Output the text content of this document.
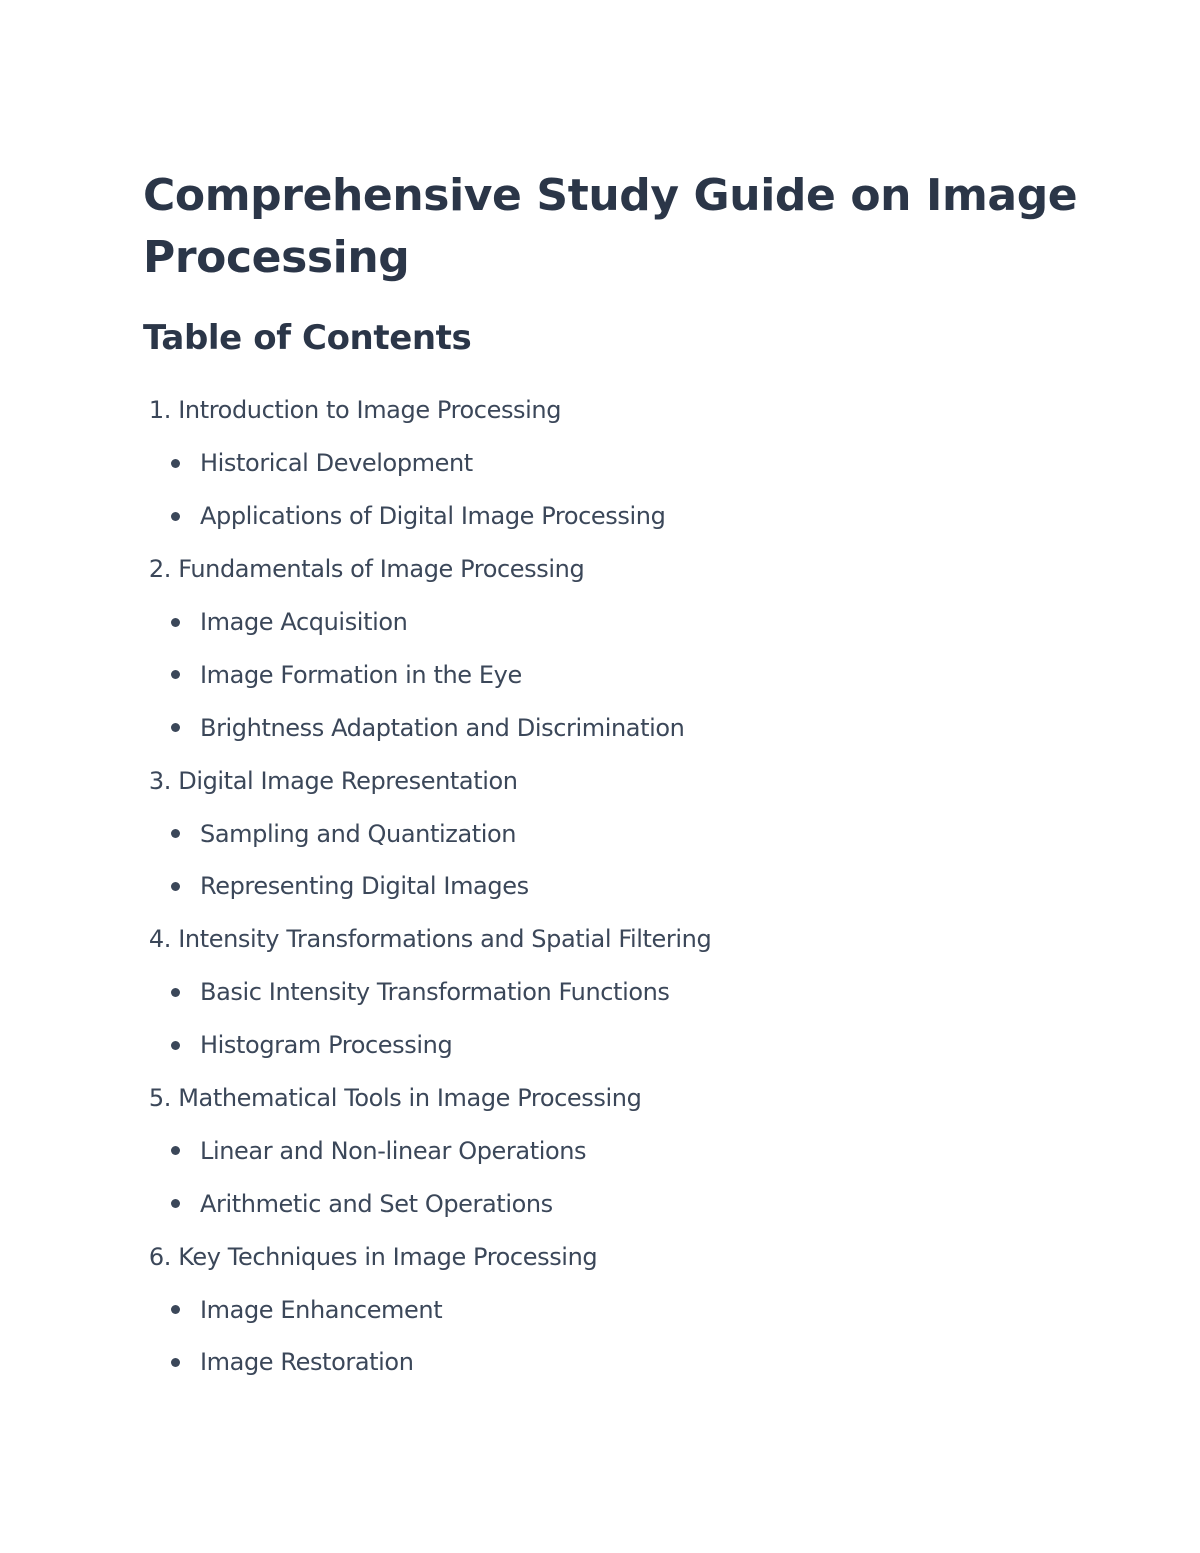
Comprehensive Study Guide on Image Processing
Table of Contents
1.
Introduction to Image Processing
Historical Development
Applications of Digital Image Processing
2.
Fundamentals of Image Processing
Image Acquisition
Image Formation in the Eye
Brightness Adaptation and Discrimination
3.
Digital Image Representation
Sampling and Quantization
Representing Digital Images
4.
Intensity Transformations and Spatial Filtering
Basic Intensity Transformation Functions
Histogram Processing
5.
Mathematical Tools in Image Processing
Linear and Non-linear Operations
Arithmetic and Set Operations
6.
Key Techniques in Image Processing
Image Enhancement
Image Restoration
